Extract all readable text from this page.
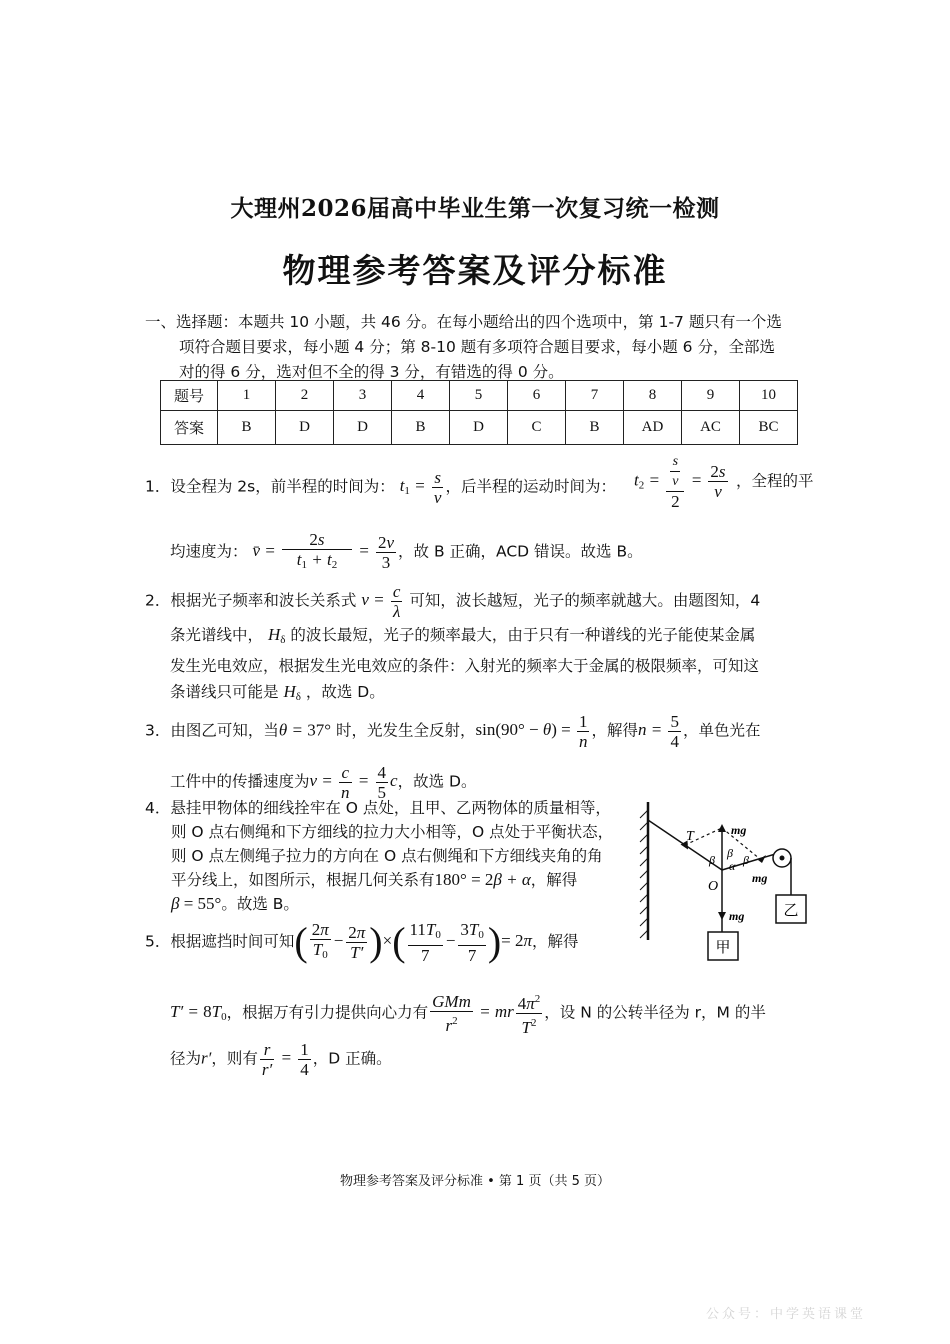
大理州2026届高中毕业生第一次复习统一检测
物理参考答案及评分标准
一、选择题：本题共 10 小题，共 46 分。在每小题给出的四个选项中，第 1-7 题只有一个选
项符合题目要求，每小题 4 分；第 8-10 题有多项符合题目要求，每小题 6 分，全部选
对的得 6 分，选对但不全的得 3 分，有错选的得 0 分。
题号	1	2	3	4	5	6	7	8	9	10
答案	B	D	D	B	D	C	B	AD	AC	BC
1．设全程为 2s，前半程的时间为： $t_1 = \frac{s}{v}$ ，后半程的运动时间为：	$t_2 = \frac{\frac{s}{v}}{2} = \frac{2s}{v}$ ，全程的平
均速度为： v̄ = $\frac{2s}{t_1 + t_2} = \frac{2v}{3}$ ，故 B 正确，ACD 错误。故选 B。
2．根据光子频率和波长关系式 $v = \frac{c}{\lambda}$ 可知，波长越短，光子的频率就越大。由题图知，4
条光谱线中， $H_\delta$ 的波长最短，光子的频率最大，由于只有一种谱线的光子能使某金属
发生光电效应，根据发生光电效应的条件：入射光的频率大于金属的极限频率，可知这
条谱线只可能是 $H_\delta$ ，故选 D。
3．由图乙可知，当θ = 37° 时，光发生全反射，$\sin(90^\circ - \theta) = \frac{1}{n}$ ，解得$n = \frac{5}{4}$ ，单色光在
工件中的传播速度为$v = \frac{c}{n} = \frac{4}{5}$ c，故选 D。
4．悬挂甲物体的细线拴牢在 O 点处，且甲、乙两物体的质量相等，
则 O 点右侧绳和下方细线的拉力大小相等，O 点处于平衡状态，
则 O 点左侧绳子拉力的方向在 O 点右侧绳和下方细线夹角的角
平分线上，如图所示，根据几何关系有180° = 2β + α，解得
β = 55°。故选 B。	乙
甲
T	mg
mg
mg
O
β β β
α
5．根据遮挡时间可知( $\frac{2\pi}{T_0} - \frac{2\pi}{T'}$ )×( $\frac{11T_0}{7} - \frac{3T_0}{7}$ )= 2π，解得
$T' = 8T_0$，根据万有引力提供向心力有 $\frac{\text{GMm}}{r^2}$ = mr $\frac{4\pi^2}{T^2}$ ，设 N 的公转半径为 r，M 的半
径为r′，则有 $\frac{r}{r'} = \frac{1}{4}$ ，D 正确。
物理参考答案及评分标准 • 第 1 页（共 5 页）
公众号：中学英语课堂
